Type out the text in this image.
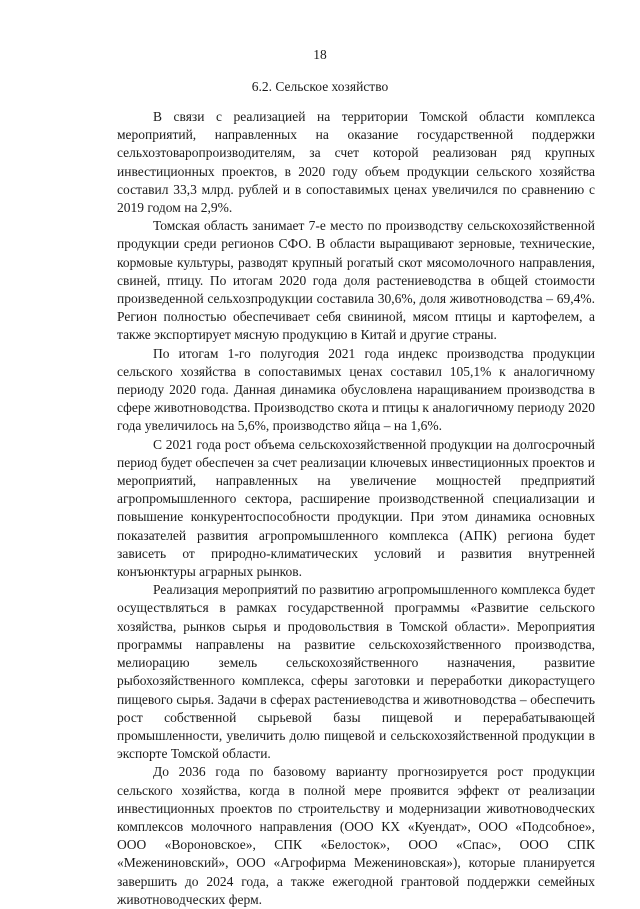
18
6.2. Сельское хозяйство

В связи с реализацией на территории Томской области комплекса мероприятий, направленных на оказание государственной поддержки сельхозтоваропроизводителям, за счет которой реализован ряд крупных инвестиционных проектов, в 2020 году объем продукции сельского хозяйства составил 33,3 млрд. рублей и в сопоставимых ценах увеличился по сравнению с 2019 годом на 2,9%.

Томская область занимает 7-е место по производству сельскохозяйственной продукции среди регионов СФО. В области выращивают зерновые, технические, кормовые культуры, разводят крупный рогатый скот мясомолочного направления, свиней, птицу. По итогам 2020 года доля растениеводства в общей стоимости произведенной сельхозпродукции составила 30,6%, доля животноводства – 69,4%. Регион полностью обеспечивает себя свининой, мясом птицы и картофелем, а также экспортирует мясную продукцию в Китай и другие страны.

По итогам 1-го полугодия 2021 года индекс производства продукции сельского хозяйства в сопоставимых ценах составил 105,1% к аналогичному периоду 2020 года. Данная динамика обусловлена наращиванием производства в сфере животноводства. Производство скота и птицы к аналогичному периоду 2020 года увеличилось на 5,6%, производство яйца – на 1,6%.

С 2021 года рост объема сельскохозяйственной продукции на долгосрочный период будет обеспечен за счет реализации ключевых инвестиционных проектов и мероприятий, направленных на увеличение мощностей предприятий агропромышленного сектора, расширение производственной специализации и повышение конкурентоспособности продукции. При этом динамика основных показателей развития агропромышленного комплекса (АПК) региона будет зависеть от природно-климатических условий и развития внутренней конъюнктуры аграрных рынков.

Реализация мероприятий по развитию агропромышленного комплекса будет осуществляться в рамках государственной программы «Развитие сельского хозяйства, рынков сырья и продовольствия в Томской области». Мероприятия программы направлены на развитие сельскохозяйственного производства, мелиорацию земель сельскохозяйственного назначения, развитие рыбохозяйственного комплекса, сферы заготовки и переработки дикорастущего пищевого сырья. Задачи в сферах растениеводства и животноводства – обеспечить рост собственной сырьевой базы пищевой и перерабатывающей промышленности, увеличить долю пищевой и сельскохозяйственной продукции в экспорте Томской области.

До 2036 года по базовому варианту прогнозируется рост продукции сельского хозяйства, когда в полной мере проявится эффект от реализации инвестиционных проектов по строительству и модернизации животноводческих комплексов молочного направления (ООО КХ «Куендат», ООО «Подсобное», ООО «Вороновское», СПК «Белосток», ООО «Спас», ООО СПК «Межениновский», ООО «Агрофирма Межениновская»), которые планируется завершить до 2024 года, а также ежегодной грантовой поддержки семейных животноводческих ферм.
